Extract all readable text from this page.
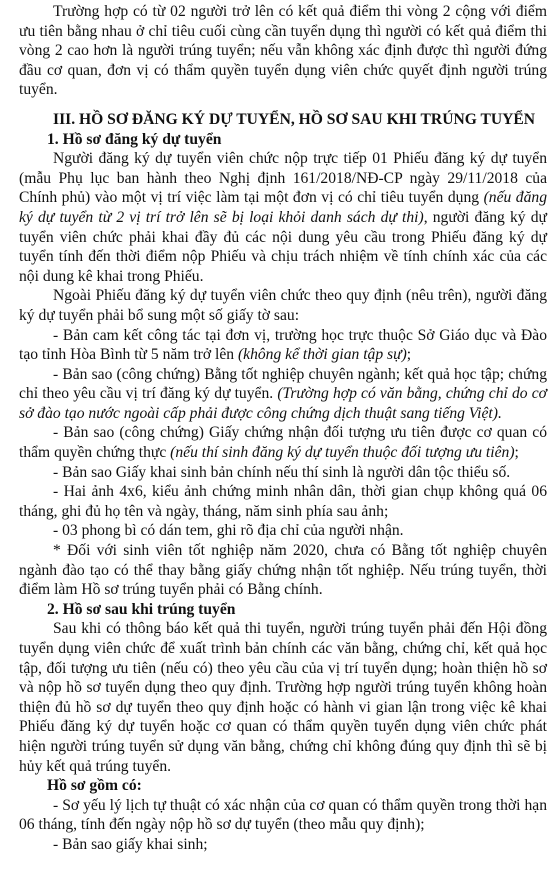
Trường hợp có từ 02 người trở lên có kết quả điểm thi vòng 2 cộng với điểm ưu tiên bằng nhau ở chỉ tiêu cuối cùng cần tuyển dụng thì người có kết quả điểm thi vòng 2 cao hơn là người trúng tuyển; nếu vẫn không xác định được thì người đứng đầu cơ quan, đơn vị có thẩm quyền tuyển dụng viên chức quyết định người trúng tuyển.

III. HỒ SƠ ĐĂNG KÝ DỰ TUYỂN, HỒ SƠ SAU KHI TRÚNG TUYỂN

1. Hồ sơ đăng ký dự tuyển

Người đăng ký dự tuyển viên chức nộp trực tiếp 01 Phiếu đăng ký dự tuyển (mẫu Phụ lục ban hành theo Nghị định 161/2018/NĐ-CP ngày 29/11/2018 của Chính phủ) vào một vị trí việc làm tại một đơn vị có chỉ tiêu tuyển dụng (nếu đăng ký dự tuyển từ 2 vị trí trở lên sẽ bị loại khỏi danh sách dự thi), người đăng ký dự tuyển viên chức phải khai đầy đủ các nội dung yêu cầu trong Phiếu đăng ký dự tuyển tính đến thời điểm nộp Phiếu và chịu trách nhiệm về tính chính xác của các nội dung kê khai trong Phiếu.

Ngoài Phiếu đăng ký dự tuyển viên chức theo quy định (nêu trên), người đăng ký dự tuyển phải bổ sung một số giấy tờ sau:

- Bản cam kết công tác tại đơn vị, trường học trực thuộc Sở Giáo dục và Đào tạo tỉnh Hòa Bình từ 5 năm trở lên (không kể thời gian tập sự);

- Bản sao (công chứng) Bằng tốt nghiệp chuyên ngành; kết quả học tập; chứng chỉ theo yêu cầu vị trí đăng ký dự tuyển. (Trường hợp có văn bằng, chứng chỉ do cơ sở đào tạo nước ngoài cấp phải được công chứng dịch thuật sang tiếng Việt).

- Bản sao (công chứng) Giấy chứng nhận đối tượng ưu tiên được cơ quan có thẩm quyền chứng thực (nếu thí sinh đăng ký dự tuyển thuộc đối tượng ưu tiên);

- Bản sao Giấy khai sinh bản chính nếu thí sinh là người dân tộc thiểu số.

- Hai ảnh 4x6, kiểu ảnh chứng minh nhân dân, thời gian chụp không quá 06 tháng, ghi đủ họ tên và ngày, tháng, năm sinh phía sau ảnh;

- 03 phong bì có dán tem, ghi rõ địa chỉ của người nhận.

* Đối với sinh viên tốt nghiệp năm 2020, chưa có Bằng tốt nghiệp chuyên ngành đào tạo có thể thay bằng giấy chứng nhận tốt nghiệp. Nếu trúng tuyển, thời điểm làm Hồ sơ trúng tuyển phải có Bằng chính.

2. Hồ sơ sau khi trúng tuyển

Sau khi có thông báo kết quả thi tuyển, người trúng tuyển phải đến Hội đồng tuyển dụng viên chức để xuất trình bản chính các văn bằng, chứng chỉ, kết quả học tập, đối tượng ưu tiên (nếu có) theo yêu cầu của vị trí tuyển dụng; hoàn thiện hồ sơ và nộp hồ sơ tuyển dụng theo quy định. Trường hợp người trúng tuyển không hoàn thiện đủ hồ sơ dự tuyển theo quy định hoặc có hành vi gian lận trong việc kê khai Phiếu đăng ký dự tuyển hoặc cơ quan có thẩm quyền tuyển dụng viên chức phát hiện người trúng tuyển sử dụng văn bằng, chứng chỉ không đúng quy định thì sẽ bị hủy kết quả trúng tuyển.

Hồ sơ gồm có:

- Sơ yếu lý lịch tự thuật có xác nhận của cơ quan có thẩm quyền trong thời hạn 06 tháng, tính đến ngày nộp hồ sơ dự tuyển (theo mẫu quy định);

- Bản sao giấy khai sinh;
